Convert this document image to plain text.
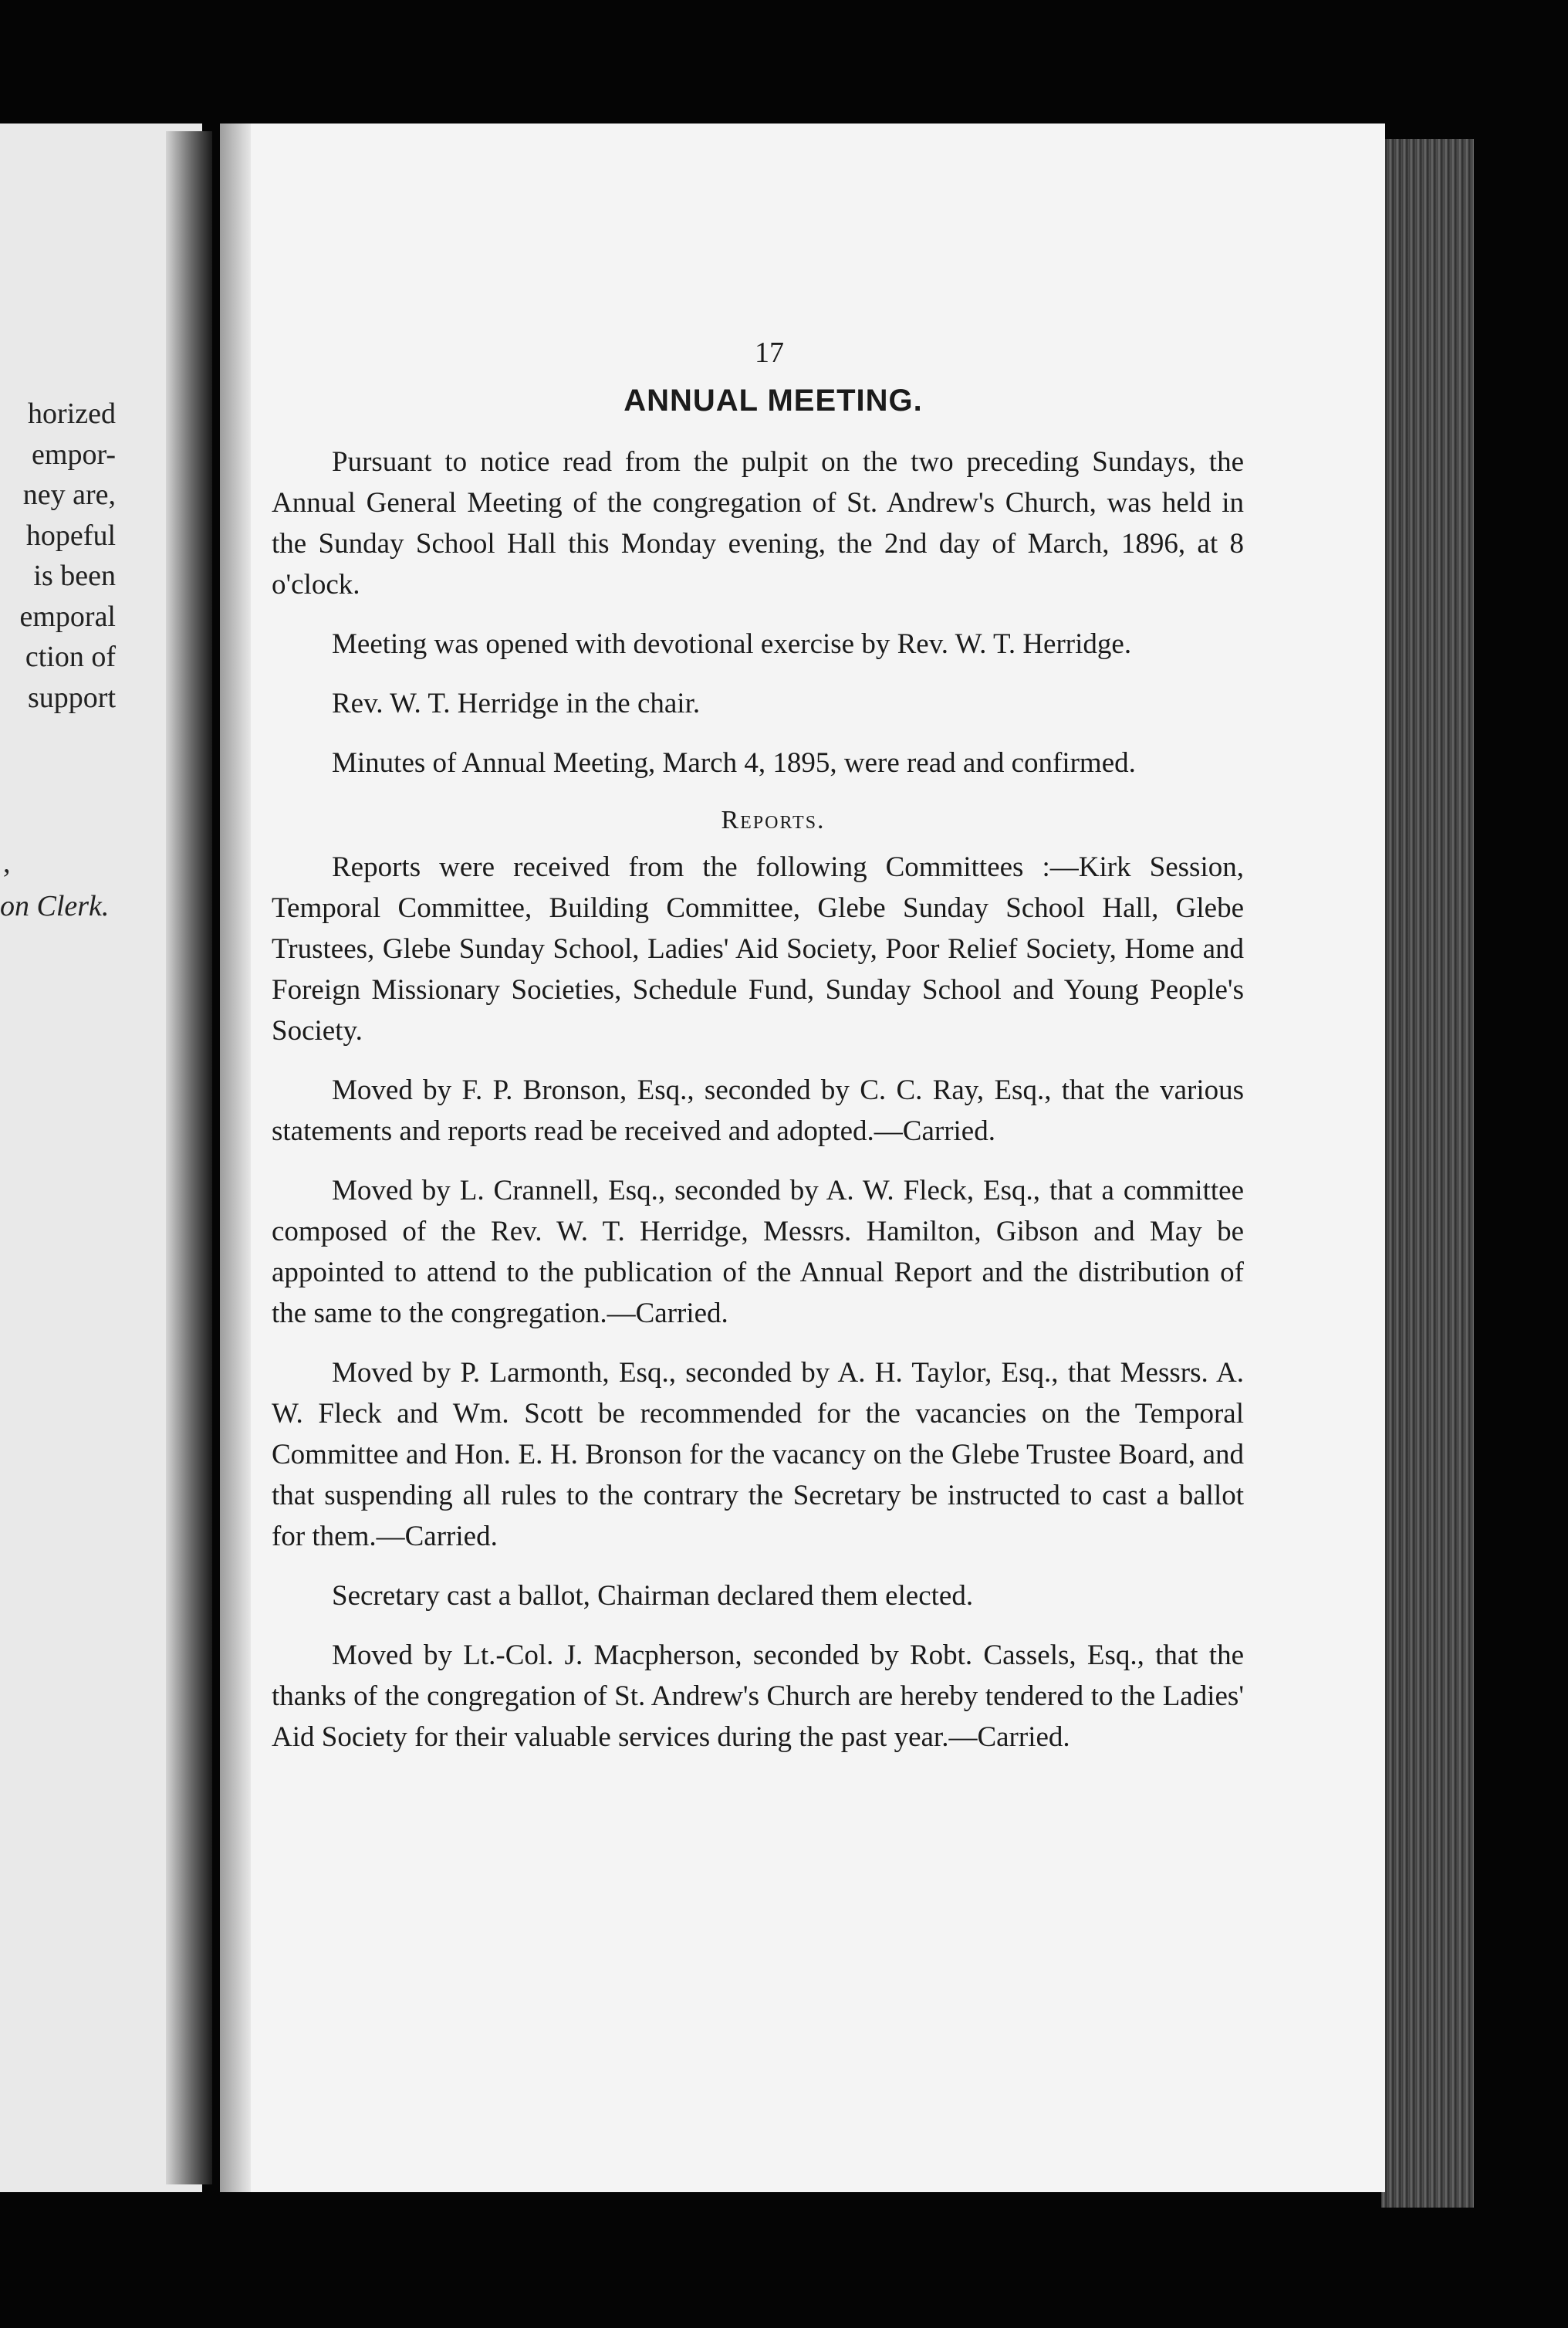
horized
empor-
ney are,
hopeful
is been
emporal
ction of
support
,
on Clerk.
17
ANNUAL MEETING.

Pursuant to notice read from the pulpit on the two preceding Sundays, the Annual General Meeting of the congregation of St. Andrew's Church, was held in the Sunday School Hall this Monday evening, the 2nd day of March, 1896, at 8 o'clock.

Meeting was opened with devotional exercise by Rev. W. T. Herridge.

Rev. W. T. Herridge in the chair.

Minutes of Annual Meeting, March 4, 1895, were read and confirmed.

Reports.

Reports were received from the following Committees :—Kirk Session, Temporal Committee, Building Committee, Glebe Sunday School Hall, Glebe Trustees, Glebe Sunday School, Ladies' Aid Society, Poor Relief Society, Home and Foreign Missionary Societies, Schedule Fund, Sunday School and Young People's Society.

Moved by F. P. Bronson, Esq., seconded by C. C. Ray, Esq., that the various statements and reports read be received and adopted.—Carried.

Moved by L. Crannell, Esq., seconded by A. W. Fleck, Esq., that a committee composed of the Rev. W. T. Herridge, Messrs. Hamilton, Gibson and May be appointed to attend to the publication of the Annual Report and the distribution of the same to the congregation.—Carried.

Moved by P. Larmonth, Esq., seconded by A. H. Taylor, Esq., that Messrs. A. W. Fleck and Wm. Scott be recommended for the vacancies on the Temporal Committee and Hon. E. H. Bronson for the vacancy on the Glebe Trustee Board, and that suspending all rules to the contrary the Secretary be instructed to cast a ballot for them.—Carried.

Secretary cast a ballot, Chairman declared them elected.

Moved by Lt.-Col. J. Macpherson, seconded by Robt. Cassels, Esq., that the thanks of the congregation of St. Andrew's Church are hereby tendered to the Ladies' Aid Society for their valuable services during the past year.—Carried.
